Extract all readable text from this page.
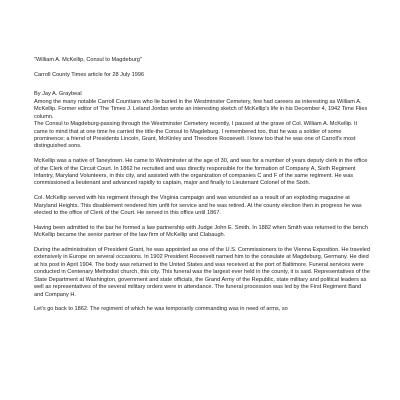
"William A. McKellip, Consul to Magdeburg"

Carroll County Times article for 28 July 1996

By Jay A. Graybeal

Among the many notable Carroll Countians who lie buried in the Westminster Cemetery, few had careers as interesting as William A. McKellip. Former editor of The Times J. Leland Jordan wrote an interesting sketch of McKellip's life in his December 4, 1942 Time Flies column.

The Consul to Magdeburg-passing through the Westminster Cemetery recently, I paused at the grave of Col. William A. McKellip. It came to mind that at one time he carried the title-the Consul to Magdeburg. I remembered too, that he was a soldier of some prominence; a friend of Presidents Lincoln, Grant, McKinley and Theodore Roosevelt. I knew too that he was one of Carroll's most distinguished sons.

McKellip was a native of Taneytown. He came to Westminster at the age of 30, and was for a number of years deputy clerk in the office of the Clerk of the Circuit Court. In 1862 he recruited and was directly responsible for the formation of Company A, Sixth Regiment Infantry, Maryland Volunteers, in this city, and assisted with the organization of companies C and F of the same regiment. He was commissioned a lieutenant and advanced rapidly to captain, major and finally to Lieutenant Colonel of the Sixth.

Col. McKellip served with his regiment through the Virginia campaign and was wounded as a result of an exploding magazine at Maryland Heights. This disablement rendered him unfit for service and he was retired. At the county election then in progress he was elected to the office of Clerk of the Court. He served in this office until 1867.

Having been admitted to the bar he formed a law partnership with Judge John E. Smith. In 1882 when Smith was returned to the bench McKellip became the senior partner of the law firm of McKellip and Clabaugh.

During the administration of President Grant, he was appointed as one of the U.S. Commissioners to the Vienna Exposition. He traveled extensively in Europe on several occasions. In 1902 President Roosevelt named him to the consulate at Magdeburg, Germany. He died at his post in April 1904. The body was returned to the United States and was received at the port of Baltimore. Funeral services were conducted in Centenary Methodist church, this city. This funeral was the largest ever held in the county, it is said. Representatives of the State Department at Washington, government and state officials, the Grand Army of the Republic, state military and political leaders as well as representatives of the several military orders were in attendance. The funeral procession was led by the First Regiment Band and Company H.

Let's go back to 1862. The regiment of which he was temporarily commanding was in need of arms, so
